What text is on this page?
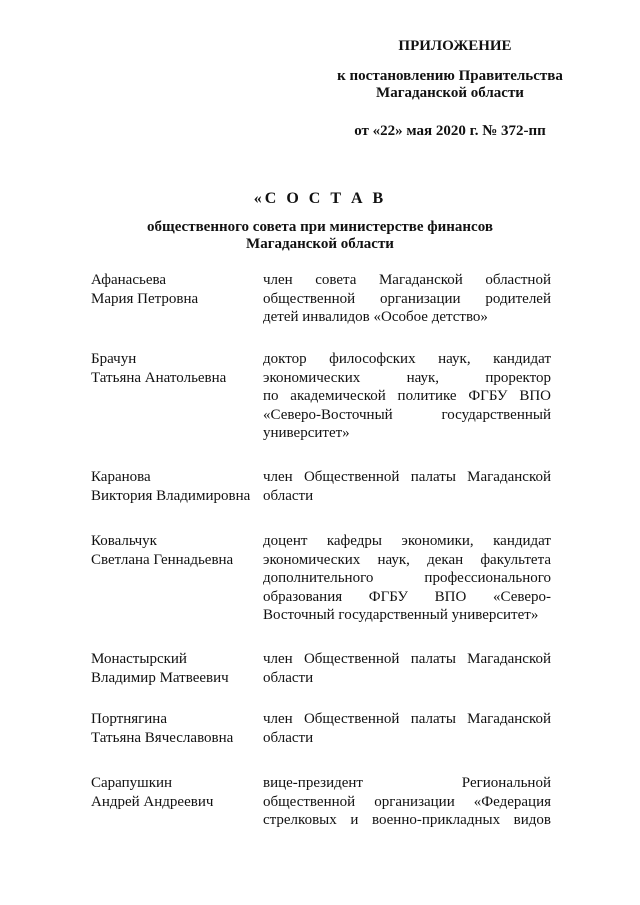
ПРИЛОЖЕНИЕ
к постановлению Правительства
Магаданской области
от «22» мая 2020 г. № 372-пп
«С О С Т А В
общественного совета при министерстве финансов
Магаданской области
Афанасьева
Мария Петровна
член совета Магаданской областной
общественной организации родителей
детей инвалидов «Особое детство»
Брачун
Татьяна Анатольевна
доктор философских наук, кандидат
экономических наук, проректор
по академической политике ФГБУ ВПО
«Северо-Восточный государственный
университет»
Каранова
Виктория Владимировна
член Общественной палаты Магаданской
области
Ковальчук
Светлана Геннадьевна
доцент кафедры экономики, кандидат
экономических наук, декан факультета
дополнительного профессионального
образования ФГБУ ВПО «Северо-
Восточный государственный университет»
Монастырский
Владимир Матвеевич
член Общественной палаты Магаданской
области
Портнягина
Татьяна Вячеславовна
член Общественной палаты Магаданской
области
Сарапушкин
Андрей Андреевич
вице-президент Региональной
общественной организации «Федерация
стрелковых и военно-прикладных видов
